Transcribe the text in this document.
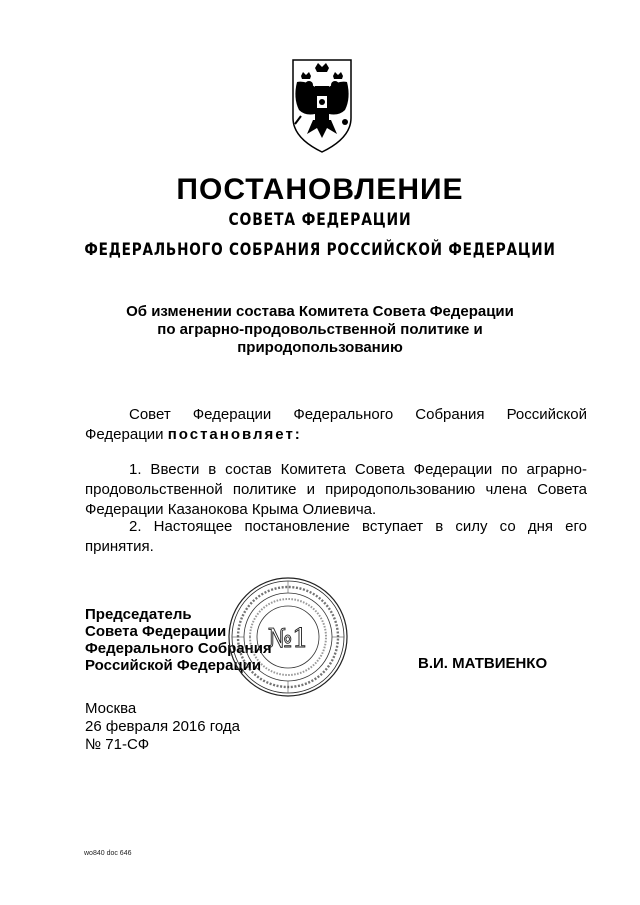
ПОСТАНОВЛЕНИЕ
СОВЕТА ФЕДЕРАЦИИ
ФЕДЕРАЛЬНОГО СОБРАНИЯ РОССИЙСКОЙ ФЕДЕРАЦИИ
Об изменении состава Комитета Совета Федерации
по аграрно-продовольственной политике и
природопользованию
Совет Федерации Федерального Собрания Российской
Федерации постановляет:
1. Ввести в состав Комитета Совета Федерации по аграрно-
продовольственной политике и природопользованию члена Совета
Федерации Казанокова Крыма Олиевича.
2. Настоящее постановление вступает в силу со дня его
принятия.
Председатель
Совета Федерации
Федерального Собрания
Российской Федерации
№1
В.И. МАТВИЕНКО
Москва
26 февраля 2016 года
№ 71-СФ
wo840 doc 646
